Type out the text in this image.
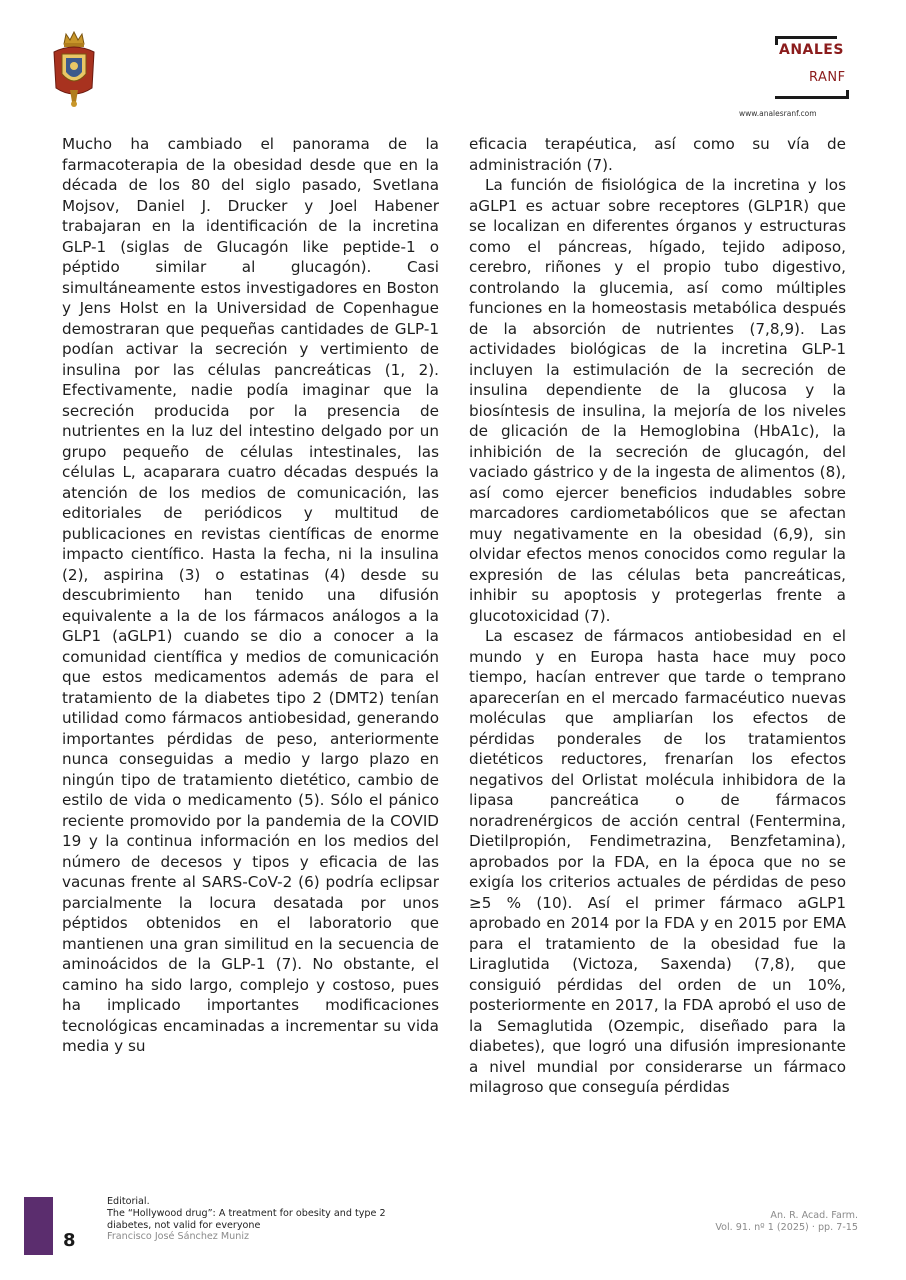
ANALES
RANF
www.analesranf.com

Mucho ha cambiado el panorama de la farmacoterapia de la obesidad desde que en la década de los 80 del siglo pasado, Svetlana Mojsov, Daniel J. Drucker y Joel Habener trabajaran en la identificación de la incretina GLP-1 (siglas de Glucagón like peptide-1 o péptido similar al glucagón). Casi simultáneamente estos investigadores en Boston y Jens Holst en la Universidad de Copenhague demostraran que pequeñas cantidades de GLP-1 podían activar la secreción y vertimiento de insulina por las células pancreáticas (1, 2). Efectivamente, nadie podía imaginar que la secreción producida por la presencia de nutrientes en la luz del intestino delgado por un grupo pequeño de células intestinales, las células L, acaparara cuatro décadas después la atención de los medios de comunicación, las editoriales de periódicos y multitud de publicaciones en revistas científicas de enorme impacto científico. Hasta la fecha, ni la insulina (2), aspirina (3) o estatinas (4) desde su descubrimiento han tenido una difusión equivalente a la de los fármacos análogos a la GLP1 (aGLP1) cuando se dio a conocer a la comunidad científica y medios de comunicación que estos medicamentos además de para el tratamiento de la diabetes tipo 2 (DMT2) tenían utilidad como fármacos antiobesidad, generando importantes pérdidas de peso, anteriormente nunca conseguidas a medio y largo plazo en ningún tipo de tratamiento dietético, cambio de estilo de vida o medicamento (5). Sólo el pánico reciente promovido por la pandemia de la COVID 19 y la continua información en los medios del número de decesos y tipos y eficacia de las vacunas frente al SARS-CoV-2 (6) podría eclipsar parcialmente la locura desatada por unos péptidos obtenidos en el laboratorio que mantienen una gran similitud en la secuencia de aminoácidos de la GLP-1 (7). No obstante, el camino ha sido largo, complejo y costoso, pues ha implicado importantes modificaciones tecnológicas encaminadas a incrementar su vida media y su

eficacia terapéutica, así como su vía de administración (7).

La función de fisiológica de la incretina y los aGLP1 es actuar sobre receptores (GLP1R) que se localizan en diferentes órganos y estructuras como el páncreas, hígado, tejido adiposo, cerebro, riñones y el propio tubo digestivo, controlando la glucemia, así como múltiples funciones en la homeostasis metabólica después de la absorción de nutrientes (7,8,9). Las actividades biológicas de la incretina GLP-1 incluyen la estimulación de la secreción de insulina dependiente de la glucosa y la biosíntesis de insulina, la mejoría de los niveles de glicación de la Hemoglobina (HbA1c), la inhibición de la secreción de glucagón, del vaciado gástrico y de la ingesta de alimentos (8), así como ejercer beneficios indudables sobre marcadores cardiometabólicos que se afectan muy negativamente en la obesidad (6,9), sin olvidar efectos menos conocidos como regular la expresión de las células beta pancreáticas, inhibir su apoptosis y protegerlas frente a glucotoxicidad (7).

La escasez de fármacos antiobesidad en el mundo y en Europa hasta hace muy poco tiempo, hacían entrever que tarde o temprano aparecerían en el mercado farmacéutico nuevas moléculas que ampliarían los efectos de pérdidas ponderales de los tratamientos dietéticos reductores, frenarían los efectos negativos del Orlistat molécula inhibidora de la lipasa pancreática o de fármacos noradrenérgicos de acción central (Fentermina, Dietilpropión, Fendimetrazina, Benzfetamina), aprobados por la FDA, en la época que no se exigía los criterios actuales de pérdidas de peso ≥5 % (10). Así el primer fármaco aGLP1 aprobado en 2014 por la FDA y en 2015 por EMA para el tratamiento de la obesidad fue la Liraglutida (Victoza, Saxenda) (7,8), que consiguió pérdidas del orden de un 10%, posteriormente en 2017, la FDA aprobó el uso de la Semaglutida (Ozempic, diseñado para la diabetes), que logró una difusión impresionante a nivel mundial por considerarse un fármaco milagroso que conseguía pérdidas

8
Editorial.
The “Hollywood drug”: A treatment for obesity and type 2
diabetes, not valid for everyone
Francisco José Sánchez Muniz
An. R. Acad. Farm.
Vol. 91. nº 1 (2025) · pp. 7-15
